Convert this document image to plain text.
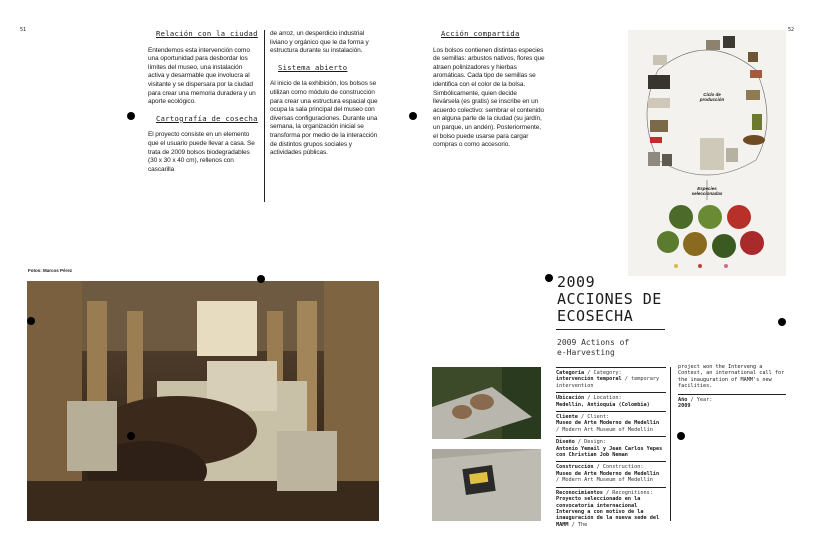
51	52
Relación con la ciudad

Entendemos esta intervención como una oportunidad para desbordar los límites del museo, una instalación activa y desarmable que involucra al visitante y se dispersara por la ciudad para crear una memoria duradera y un aporte ecológico.

Cartografía de cosecha

El proyecto consiste en un elemento que el usuario puede llevar a casa. Se trata de 2009 bolsos biodegradables (30 x 30 x 40 cm), rellenos con cascarilla

de arroz, un desperdicio industrial liviano y orgánico que le da forma y estructura durante su instalación.

Sistema abierto

Al inicio de la exhibición, los bolsos se utilizan como módulo de construcción para crear una estructura espacial que ocupa la sala principal del museo con diversas configuraciones. Durante una semana, la organización inicial se transforma por medio de la interacción de distintos grupos sociales y actividades públicas.

Acción compartida

Los bolsos contienen distintas especies de semillas: arbustos nativos, flores que atraen polinizadores y hierbas aromáticas. Cada tipo de semillas se identifica con el color de la bolsa. Simbólicamente, quien decide llevársela (es gratis) se inscribe en un acuerdo colectivo: sembrar el contenido en alguna parte de la ciudad (su jardín, un parque, un andén). Posteriormente, el bolso puede usarse para cargar compras o como accesorio.

Ciclo de producción
Especies seleccionadas
Fotos: Marcos Pérez
2009
ACCIONES DE
ECOSECHA
2009 Actions of
e-Harvesting
Categoría / Category:
intervención temporal / temporary intervention
Ubicación / Location:
Medellín, Antioquia (Colombia)
Cliente / Client:
Museo de Arte Moderno de Medellín
/ Modern Art Museum of Medellín
Diseño / Design:
Antonio Yemail y Jean Carlos Yepes con Christian Job Neman
Construcción / Construction:
Museo de Arte Moderno de Medellín
/ Modern Art Museum of Medellín
Reconocimientos / Recognitions:
Proyecto seleccionado en la convocatoria internacional Interveng a con motivo de la inauguración de la nueva sede del MAMM / The
project won the Interveng a Contest, an international call for the inauguration of MAMM's new facilities.
Año / Year:
2009
